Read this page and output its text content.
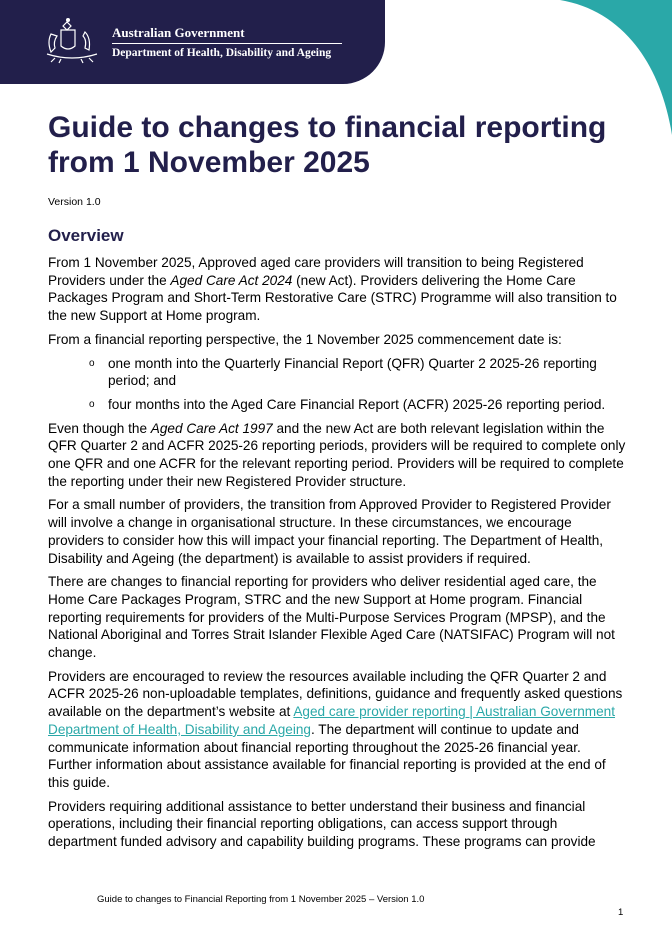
Australian Government
Department of Health, Disability and Ageing
Guide to changes to financial reporting from 1 November 2025
Version 1.0
Overview

From 1 November 2025, Approved aged care providers will transition to being Registered Providers under the Aged Care Act 2024 (new Act). Providers delivering the Home Care Packages Program and Short-Term Restorative Care (STRC) Programme will also transition to the new Support at Home program.

From a financial reporting perspective, the 1 November 2025 commencement date is:

o one month into the Quarterly Financial Report (QFR) Quarter 2 2025-26 reporting period; and
o four months into the Aged Care Financial Report (ACFR) 2025-26 reporting period.

Even though the Aged Care Act 1997 and the new Act are both relevant legislation within the QFR Quarter 2 and ACFR 2025-26 reporting periods, providers will be required to complete only one QFR and one ACFR for the relevant reporting period. Providers will be required to complete the reporting under their new Registered Provider structure.

For a small number of providers, the transition from Approved Provider to Registered Provider will involve a change in organisational structure. In these circumstances, we encourage providers to consider how this will impact your financial reporting. The Department of Health, Disability and Ageing (the department) is available to assist providers if required.

There are changes to financial reporting for providers who deliver residential aged care, the Home Care Packages Program, STRC and the new Support at Home program. Financial reporting requirements for providers of the Multi-Purpose Services Program (MPSP), and the National Aboriginal and Torres Strait Islander Flexible Aged Care (NATSIFAC) Program will not change.

Providers are encouraged to review the resources available including the QFR Quarter 2 and ACFR 2025-26 non-uploadable templates, definitions, guidance and frequently asked questions available on the department’s website at Aged care provider reporting | Australian Government Department of Health, Disability and Ageing. The department will continue to update and communicate information about financial reporting throughout the 2025-26 financial year. Further information about assistance available for financial reporting is provided at the end of this guide.

Providers requiring additional assistance to better understand their business and financial operations, including their financial reporting obligations, can access support through department funded advisory and capability building programs. These programs can provide

Guide to changes to Financial Reporting from 1 November 2025 – Version 1.0
1
